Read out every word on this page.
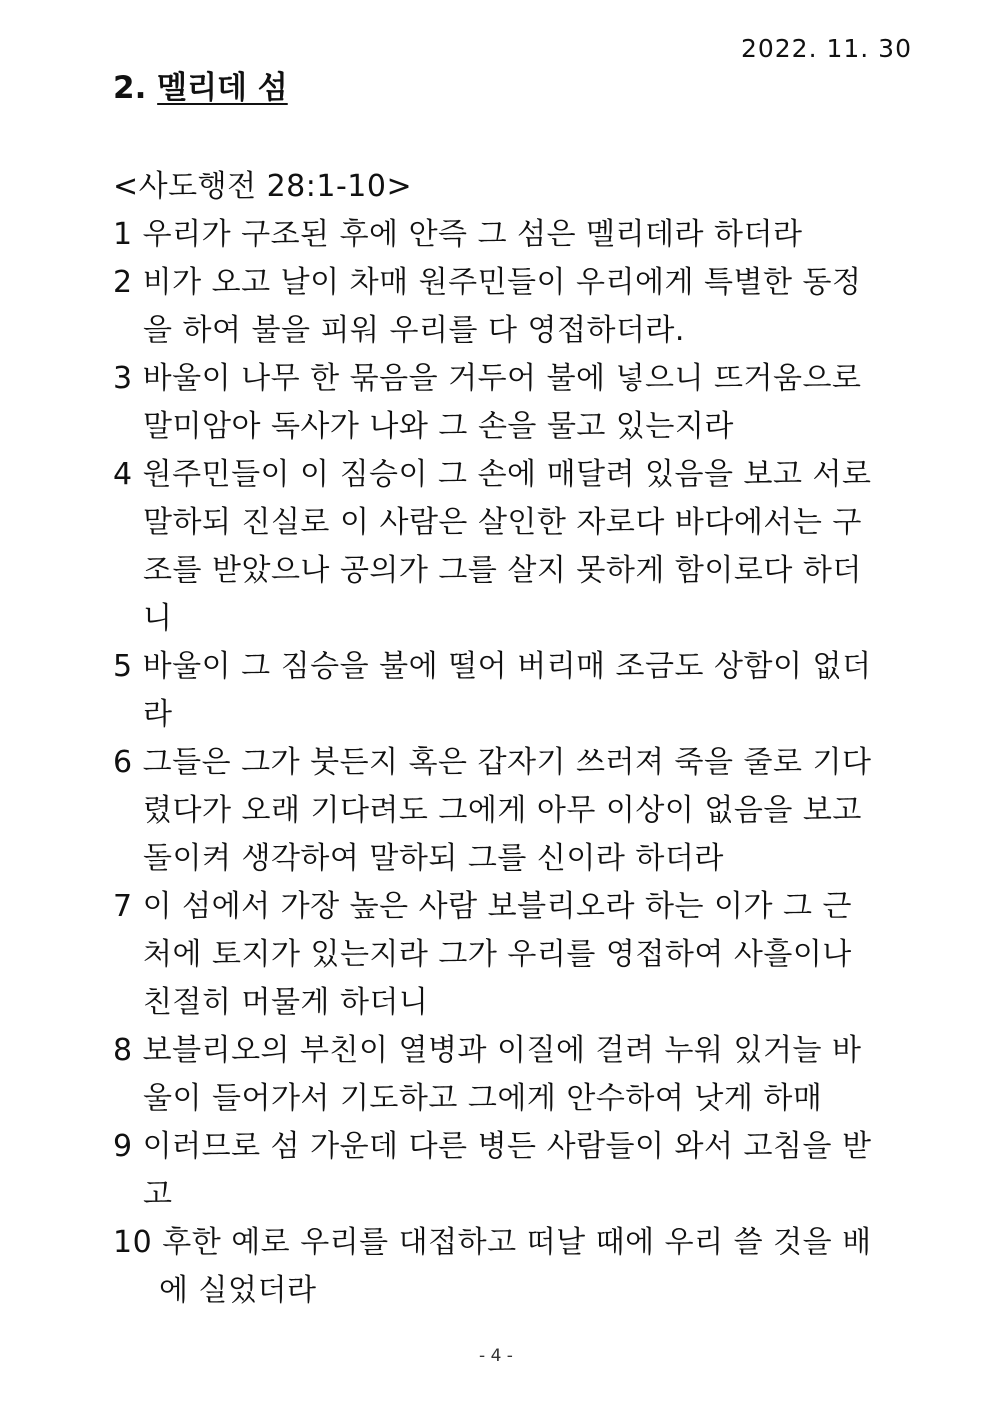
2022. 11. 30
2. 멜리데 섬
<사도행전 28:1-10>
1 우리가 구조된 후에 안즉 그 섬은 멜리데라 하더라
2 비가 오고 날이 차매 원주민들이 우리에게 특별한 동정
을 하여 불을 피워 우리를 다 영접하더라.
3 바울이 나무 한 묶음을 거두어 불에 넣으니 뜨거움으로
말미암아 독사가 나와 그 손을 물고 있는지라
4 원주민들이 이 짐승이 그 손에 매달려 있음을 보고 서로
말하되 진실로 이 사람은 살인한 자로다 바다에서는 구
조를 받았으나 공의가 그를 살지 못하게 함이로다 하더
니
5 바울이 그 짐승을 불에 떨어 버리매 조금도 상함이 없더
라
6 그들은 그가 붓든지 혹은 갑자기 쓰러져 죽을 줄로 기다
렸다가 오래 기다려도 그에게 아무 이상이 없음을 보고
돌이켜 생각하여 말하되 그를 신이라 하더라
7 이 섬에서 가장 높은 사람 보블리오라 하는 이가 그 근
처에 토지가 있는지라 그가 우리를 영접하여 사흘이나
친절히 머물게 하더니
8 보블리오의 부친이 열병과 이질에 걸려 누워 있거늘 바
울이 들어가서 기도하고 그에게 안수하여 낫게 하매
9 이러므로 섬 가운데 다른 병든 사람들이 와서 고침을 받
고
10 후한 예로 우리를 대접하고 떠날 때에 우리 쓸 것을 배
에 실었더라
- 4 -
